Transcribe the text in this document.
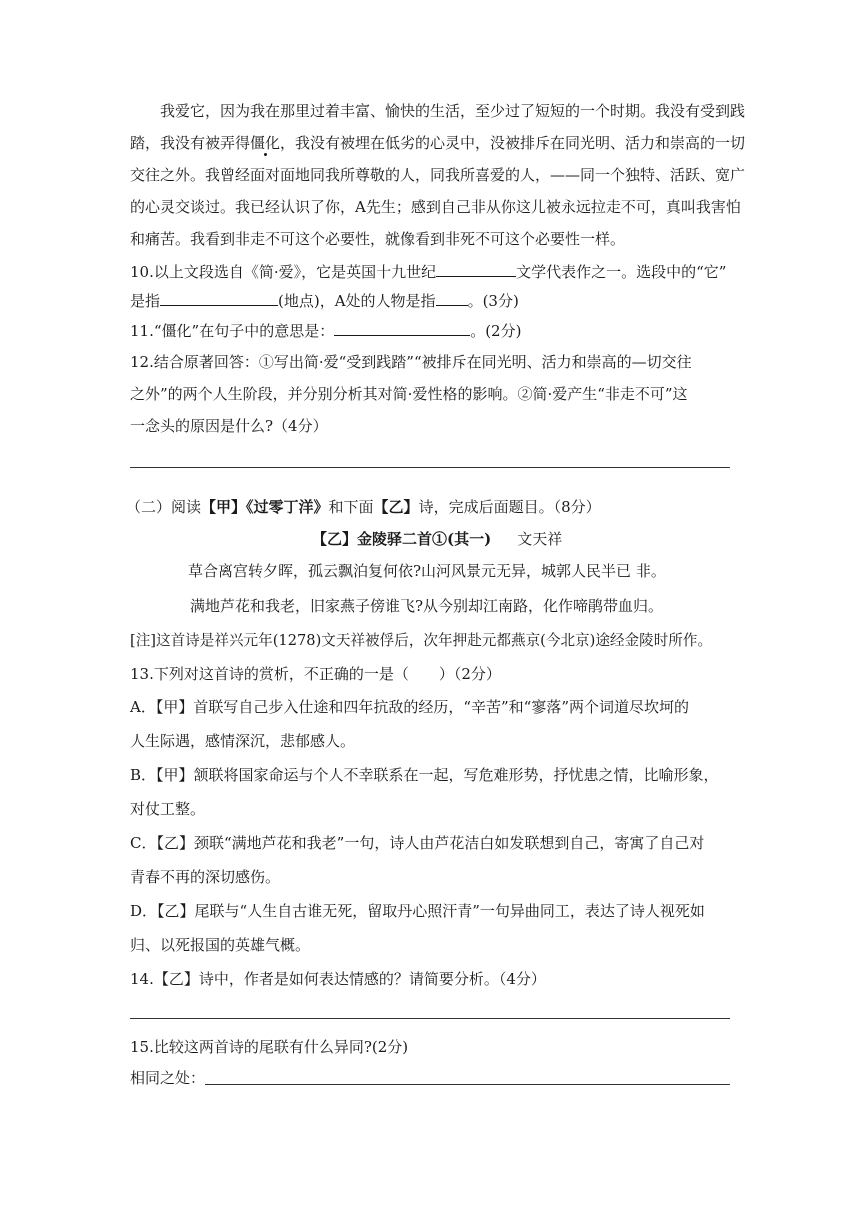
我爱它，因为我在那里过着丰富、愉快的生活，至少过了短短的一个时期。我没有受到践
踏，我没有被弄得僵化，我没有被埋在低劣的心灵中，没被排斥在同光明、活力和崇高的一切
交往之外。我曾经面对面地同我所尊敬的人，同我所喜爱的人，——同一个独特、活跃、宽广
的心灵交谈过。我已经认识了你，A先生；感到自己非从你这儿被永远拉走不可，真叫我害怕
和痛苦。我看到非走不可这个必要性，就像看到非死不可这个必要性一样。
10.以上文段选自《简·爱》，它是英国十九世纪	文学代表作之一。选段中的“它”
是指	(地点)，A处的人物是指 。(3分)
11.“僵化”在句子中的意思是：	。(2分)
12.结合原著回答：①写出简·爱“受到践踏”“被排斥在同光明、活力和崇高的—切交往
之外”的两个人生阶段，并分别分析其对简·爱性格的影响。②简·爱产生“非走不可”这
一念头的原因是什么?（4分）
（二）阅读【甲】《过零丁洋》和下面【乙】诗，完成后面题目。（8分）
【乙】金陵驿二首①(其一) 文天祥
草合离宫转夕晖，孤云飘泊复何依?山河风景元无异，城郭人民半已 非。
满地芦花和我老，旧家燕子傍谁飞?从今别却江南路，化作啼鹃带血归。
[注]这首诗是祥兴元年(1278)文天祥被俘后，次年押赴元都燕京(今北京)途经金陵时所作。
13.下列对这首诗的赏析，不正确的一是（　　）（2分）
A．【甲】首联写自己步入仕途和四年抗敌的经历，“辛苦”和“寥落”两个词道尽坎坷的
人生际遇，感情深沉，悲郁感人。
B．【甲】颔联将国家命运与个人不幸联系在一起，写危难形势，抒忧患之情，比喻形象，
对仗工整。
C．【乙】颈联“满地芦花和我老”一句，诗人由芦花洁白如发联想到自己，寄寓了自己对
青春不再的深切感伤。
D．【乙】尾联与“人生自古谁无死，留取丹心照汗青”一句异曲同工，表达了诗人视死如
归、以死报国的英雄气概。
14.【乙】诗中，作者是如何表达情感的？请简要分析。（4分）
15.比较这两首诗的尾联有什么异同?(2分)
相同之处：
